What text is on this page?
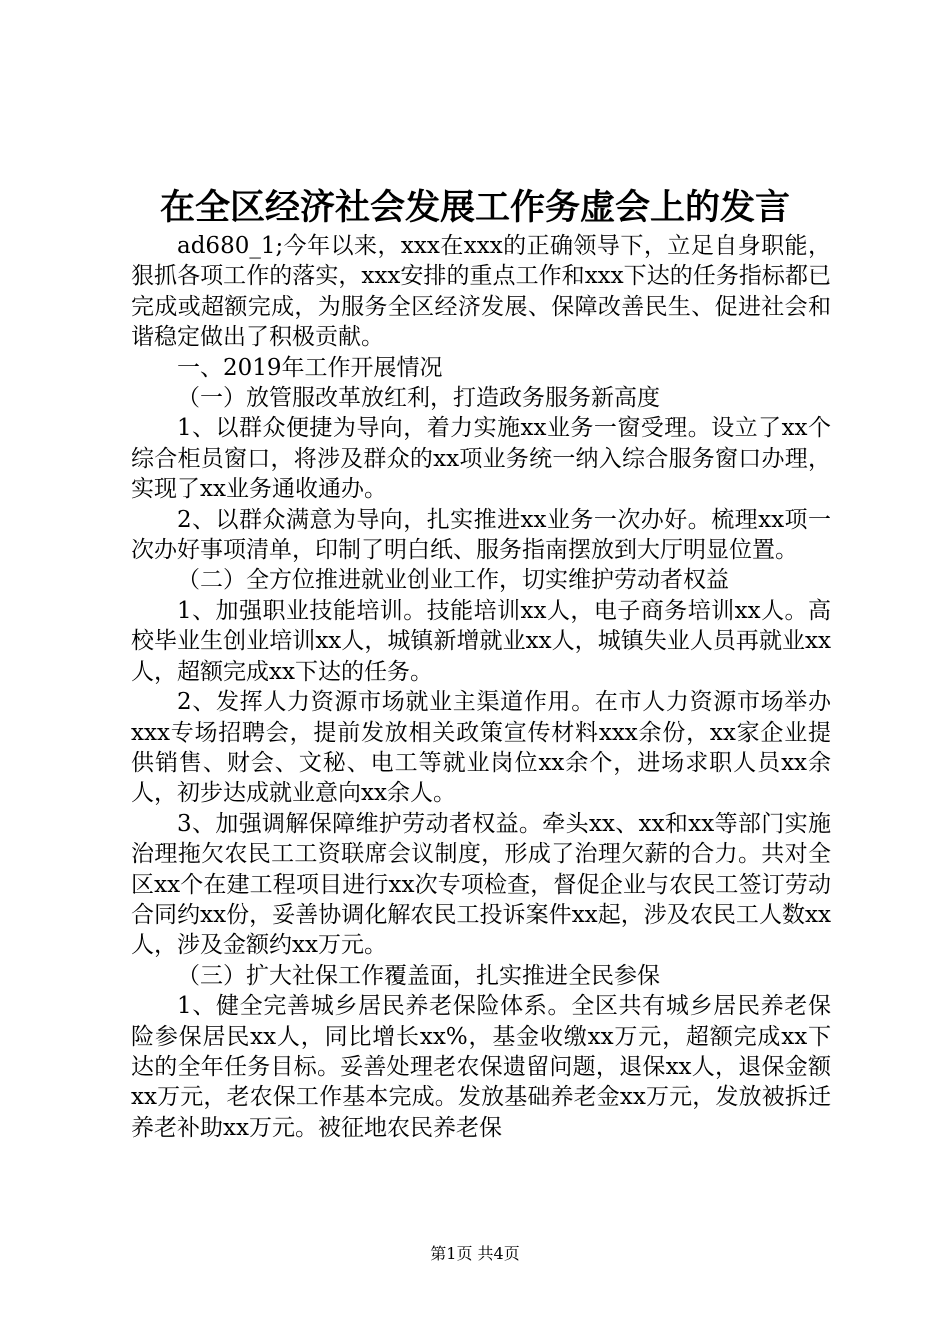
在全区经济社会发展工作务虚会上的发言

ad680_1;今年以来，xxx在xxx的正确领导下，立足自身职能，狠抓各项工作的落实，xxx安排的重点工作和xxx下达的任务指标都已完成或超额完成，为服务全区经济发展、保障改善民生、促进社会和谐稳定做出了积极贡献。

一、2019年工作开展情况

（一）放管服改革放红利，打造政务服务新高度

1、以群众便捷为导向，着力实施xx业务一窗受理。设立了xx个综合柜员窗口，将涉及群众的xx项业务统一纳入综合服务窗口办理，实现了xx业务通收通办。

2、以群众满意为导向，扎实推进xx业务一次办好。梳理xx项一次办好事项清单，印制了明白纸、服务指南摆放到大厅明显位置。

（二）全方位推进就业创业工作，切实维护劳动者权益

1、加强职业技能培训。技能培训xx人，电子商务培训xx人。高校毕业生创业培训xx人，城镇新增就业xx人，城镇失业人员再就业xx人，超额完成xx下达的任务。

2、发挥人力资源市场就业主渠道作用。在市人力资源市场举办xxx专场招聘会，提前发放相关政策宣传材料xxx余份，xx家企业提供销售、财会、文秘、电工等就业岗位xx余个，进场求职人员xx余人，初步达成就业意向xx余人。

3、加强调解保障维护劳动者权益。牵头xx、xx和xx等部门实施治理拖欠农民工工资联席会议制度，形成了治理欠薪的合力。共对全区xx个在建工程项目进行xx次专项检查，督促企业与农民工签订劳动合同约xx份，妥善协调化解农民工投诉案件xx起，涉及农民工人数xx人，涉及金额约xx万元。

（三）扩大社保工作覆盖面，扎实推进全民参保

1、健全完善城乡居民养老保险体系。全区共有城乡居民养老保险参保居民xx人，同比增长xx%，基金收缴xx万元，超额完成xx下达的全年任务目标。妥善处理老农保遗留问题，退保xx人，退保金额xx万元，老农保工作基本完成。发放基础养老金xx万元，发放被拆迁养老补助xx万元。被征地农民养老保

第1页 共4页
